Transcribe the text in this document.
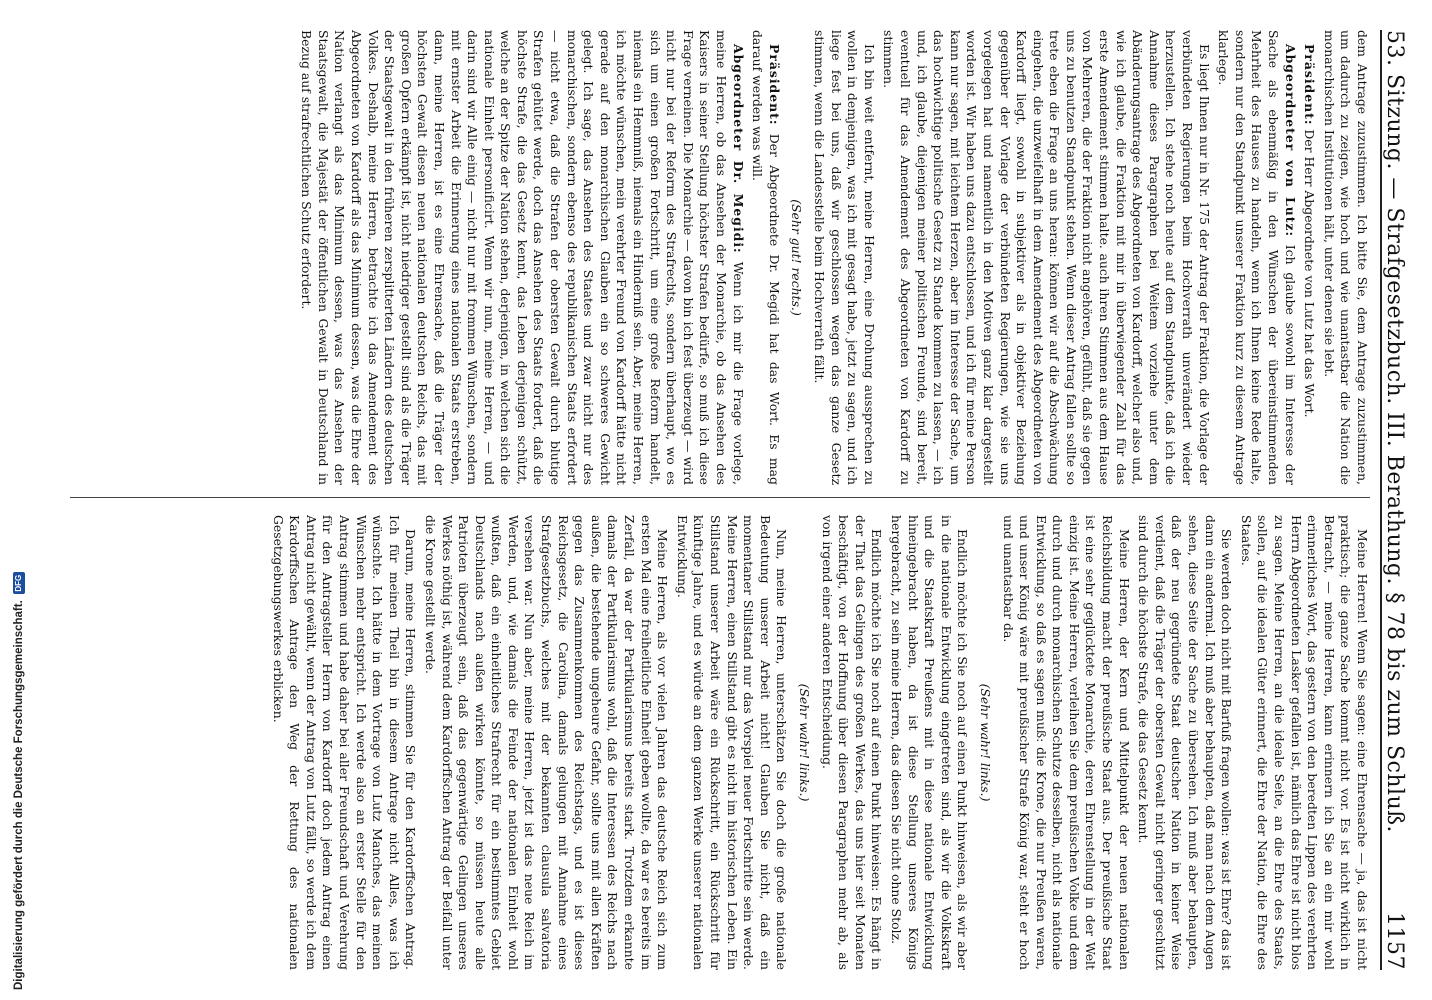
53. Sitzung. — Strafgesetzbuch. III. Berathung. § 78 bis zum Schluß.
1157

dem Antrage zuzustimmen. Ich bitte Sie, dem Antrage zuzustimmen, um dadurch zu zeigen, wie hoch und wie unantastbar die Nation die monarchischen Institutionen hält, unter denen sie lebt.

Präsident: Der Herr Abgeordnete von Lutz hat das Wort.

Abgeordneter von Lutz: Ich glaube sowohl im Interesse der Sache als ebenmäßig in den Wünschen der übereinstimmenden Mehrheit des Hauses zu handeln, wenn ich Ihnen keine Rede halte, sondern nur den Standpunkt unserer Fraktion kurz zu diesem Antrage klarlege.

Es liegt Ihnen nur in Nr. 175 der Antrag der Fraktion, die Vorlage der verbündeten Regierungen beim Hochverrath unverändert wieder herzustellen. Ich stehe noch heute auf dem Standpunkte, daß ich die Annahme dieses Paragraphen bei Weitem vorziehe unter dem Abänderungsantrage des Abgeordneten von Kardorff, welcher also und, wie ich glaube, die Fraktion mit mir in überwiegender Zahl für das erste Amendement stimmen halte. auch ihren Stimmen aus dem Hause von Mehreren, die der Fraktion nicht angehören, gefühlt, daß sie gegen uns zu benutzen Standpunkt stehen. Wenn dieser Antrag fallen sollte so trete eben die Frage an uns heran: können wir auf die Abschwächung eingehen, die unzweifelhaft in dem Amendement des Abgeordneten von Kardorff liegt, sowohl in subjektiver als in objektiver Beziehung gegenüber der Vorlage der verbündeten Regierungen, wie sie uns vorgelegen hat und namentlich in den Motiven ganz klar dargestellt worden ist. Wir haben uns dazu entschlossen, und ich für meine Person kann nur sagen, mit leichtem Herzen, aber im Interesse der Sache, um das hochwichtige politische Gesetz zu Stande kommen zu lassen, — ich und, ich glaube, diejenigen meiner politischen Freunde, sind bereit, eventuell für das Amendement des Abgeordneten von Kardorff zu stimmen.

Ich bin weit entfernt, meine Herren, eine Drohung aussprechen zu wollen in demjenigen, was ich mit gesagt habe, jetzt zu sagen, und ich liege fest bei uns, daß wir geschlossen wegen das ganze Gesetz stimmen, wenn die Landesstelle beim Hochverrath fällt.

(Sehr gut! rechts.)

Präsident: Der Abgeordnete Dr. Megidi hat das Wort. Es mag darauf werden was will.

Abgeordneter Dr. Megidi: Wenn ich mir die Frage vorlege, meine Herren, ob das Ansehen der Monarchie, ob das Ansehen des Kaisers in seiner Stellung höchster Strafen bedürfe, so muß ich diese Frage verneinen. Die Monarchie — davon bin ich fest überzeugt — wird nicht nur bei der Reform des Strafrechts, sondern überhaupt, wo es sich um einen großen Fortschritt, um eine große Reform handelt, niemals ein Hemmniß, niemals ein Hinderniß sein. Aber, meine Herren, ich möchte wünschen, mein verehrter Freund von Kardorff hätte nicht gerade auf den monarchischen Glauben ein so schweres Gewicht gelegt. Ich sage, das Ansehen des Staates und zwar nicht nur des monarchischen, sondern ebenso des republikanischen Staats erfordert — nicht etwa, daß die Strafen der obersten Gewalt durch blutige Strafen gehütet werde, doch das Ansehen des Staats fordert, daß die höchste Strafe, die das Gesetz kennt, das Leben derjenigen schützt, welche an der Spitze der Nation stehen, derjenigen, in welchen sich die nationale Einheit personificirt. Wenn wir nun, meine Herren, — und darin sind wir Alle einig — nicht nur mit frommen Wünschen, sondern mit ernster Arbeit die Erinnerung eines nationalen Staats erstreben, dann, meine Herren, ist es eine Ehrensache, daß die Träger der höchsten Gewalt diesen neuen nationalen deutschen Reichs, das mit großen Opfern erkämpft ist, nicht niedriger gestellt sind als die Träger der Staatsgewalt in den früheren zersplitterten Ländern des deutschen Volkes. Deshalb, meine Herren, betrachte ich das Amendement des Abgeordneten von Kardorff als das Minimum dessen, was die Ehre der Nation verlangt als das Minimum dessen, was das Ansehen der Staatsgewalt, die Majestät der öffentlichen Gewalt in Deutschland in Bezug auf strafrechtlichen Schutz erfordert.

Meine Herren! Wenn Sie sagen: eine Ehrensache — ja, das ist nicht praktisch; die ganze Sache kommt nicht vor. Es ist nicht wirklich in Betracht, — meine Herren, kann erinnern ich Sie an ein mir wohl erinnerliches Wort, das gestern von den beredten Lippen des verehrten Herrn Abgeordneten Lasker gefallen ist, nämlich das Ehre ist nicht blos zu sagen. Meine Herren, an die ideale Seite, an die Ehre des Staats, sollen, auf die idealen Güter erinnert, die Ehre der Nation, die Ehre des Staates.

Sie werden doch nicht mit Barfuß fragen wollen: was ist Ehre? das ist dann ein andermal. Ich muß aber behaupten, daß man nach dem Augen sehen, diese Seite der Sache zu übersehen. Ich muß aber behaupten, daß der neu gegründete Staat deutscher Nation in keiner Weise verdient, daß die Träger der obersten Gewalt nicht geringer geschützt sind durch die höchste Strafe, die das Gesetz kennt.

Meine Herren, der Kern und Mittelpunkt der neuen nationalen Reichsbildung macht der preußische Staat aus. Der preußische Staat ist eine sehr geglücktete Monarchie, deren Ehrenstellung in der Welt einzig ist. Meine Herren, verleihen Sie dem preußischen Volke und dem durch und durch monarchischen Schutze desselben, nicht als nationale Entwicklung, so daß es sagen muß: die Krone, die nur Preußen waren, und unser König wäre mit preußischer Strafe König war, steht er hoch und unantastbar da.

(Sehr wahr! links.)

Endlich möchte ich Sie noch auf einen Punkt hinweisen, als wir aber in die nationale Entwicklung eingetreten sind, als wir die Volkskraft und die Staatskraft Preußens mit in diese nationale Entwicklung hineingebracht haben, da ist diese Stellung unseres Königs hergebracht, zu sein meine Herren, das diesen Sie nicht ohne Stolz.

Endlich möchte ich Sie noch auf einen Punkt hinweisen: Es hängt in der That das Gelingen des großen Werkes, das uns hier seit Monaten beschäftigt, von der Hoffnung über diesen Paragraphen mehr ab, als von irgend einer anderen Entscheidung.

(Sehr wahr! links.)

Nun, meine Herren, unterschätzen Sie doch die große nationale Bedeutung unserer Arbeit nicht! Glauben Sie nicht, daß ein momentaner Stillstand nur das Vorspiel neuer Fortschritte sein werde. Meine Herren, einen Stillstand gibt es nicht im historischen Leben. Ein Stillstand unserer Arbeit wäre ein Rückschritt, ein Rückschritt für künftige Jahre, und es würde an dem ganzen Werke unserer nationalen Entwicklung.

Meine Herren, als vor vielen Jahren das deutsche Reich sich zum ersten Mal eine freiheitliche Einheit geben wollte, da war es bereits im Zerfall, da war der Partikularismus bereits stark. Trotzdem erkannte damals der Partikularismus wohl, daß die Interessen des Reichs nach außen, die bestehende ungeheure Gefahr, sollte uns mit allen Kräften gegen das Zusammenkommen des Reichstags, und es ist dieses Reichsgesetz, die Carolina, damals gelungen mit Annahme eines Strafgesetzbuchs, welches mit der bekannten clausula salvatoria versehen war. Nun aber, meine Herren, jetzt ist das neue Reich im Werden, und, wie damals die Feinde der nationalen Einheit wohl wußten, daß ein einheitliches Strafrecht für ein bestimmtes Gebiet Deutschlands nach außen wirken könnte, so müssen heute alle Patrioten überzeugt sein, daß das gegenwärtige Gelingen unseres Werkes nöthig ist, während dem Kardorffschen Antrag der Beifall unter die Krone gestellt werde.

Darum, meine Herren, stimmen Sie für den Kardorffschen Antrag. Ich für meinen Theil bin in diesem Antrage nicht Alles, was ich wünschte. Ich hätte in dem Vortrage von Lutz Manches, das meinen Wünschen mehr entspricht. Ich werde also an erster Stelle für den Antrag stimmen und habe daher bei aller Freundschaft und Verehrung für den Antragsteller Herrn von Kardorff doch jedem Antrag einen Antrag nicht gewählt, wenn der Antrag von Lutz fällt, so werde ich dem Kardorffschen Antrage den Weg der Rettung des nationalen Gesetzgebungswerkes erblicken.

Digitalisierung gefördert durch die Deutsche Forschungsgemeinschaft.
DFG
